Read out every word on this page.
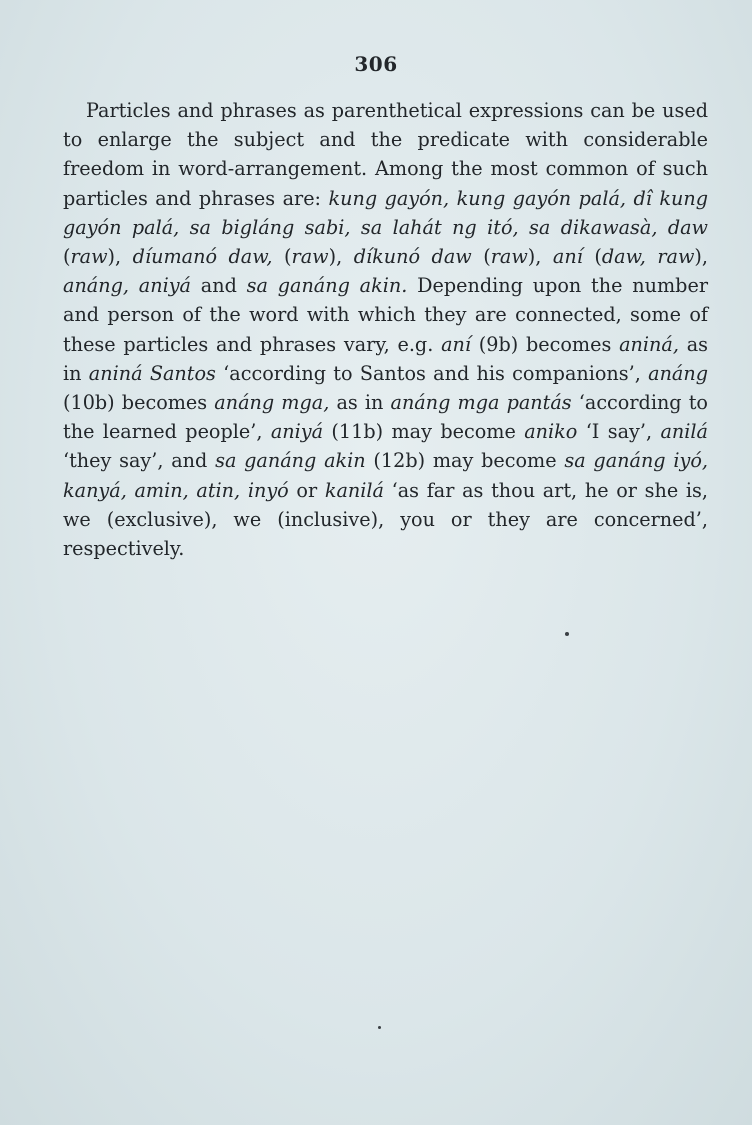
306

Particles and phrases as parenthetical expressions can be used to enlarge the subject and the predicate with considerable freedom in word-arrangement. Among the most common of such particles and phrases are: kung gayón, kung gayón palá, dî kung gayón palá, sa bigláng sabi, sa lahát ng itó, sa dikawasà, daw (raw), díumanó daw, (raw), díkunó daw (raw), aní (daw, raw), anáng, aniyá and sa ganáng akin. Depending upon the number and person of the word with which they are connected, some of these particles and phrases vary, e.g. aní (9b) becomes aniná, as in aniná Santos ‘according to Santos and his companions’, anáng (10b) becomes anáng mga, as in anáng mga pantás ‘according to the learned people’, aniyá (11b) may become aniko ‘I say’, anilá ‘they say’, and sa ganáng akin (12b) may become sa ganáng iyó, kanyá, amin, atin, inyó or kanilá ‘as far as thou art, he or she is, we (exclusive), we (inclusive), you or they are concerned’, respectively.
